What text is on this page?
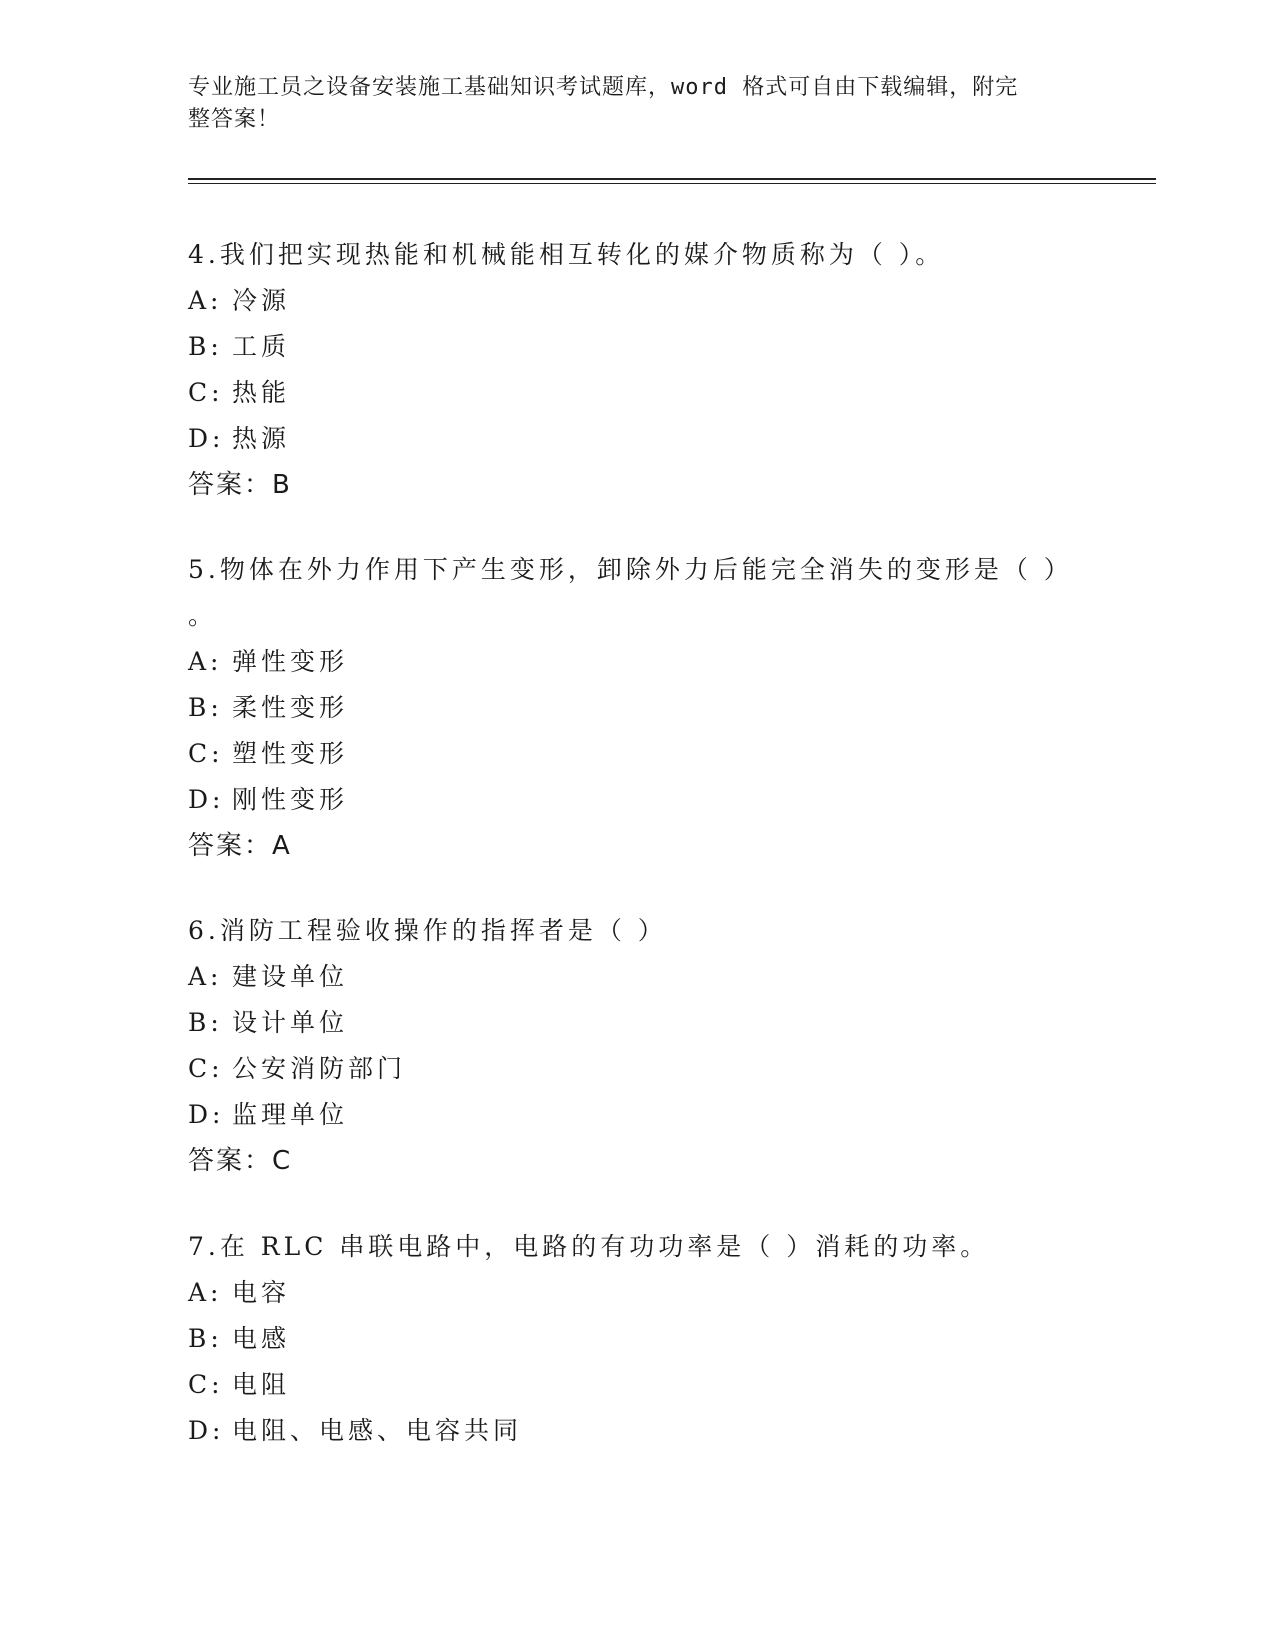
专业施工员之设备安装施工基础知识考试题库，word 格式可自由下载编辑，附完
整答案！

4.我们把实现热能和机械能相互转化的媒介物质称为（ ）。

A: 冷源

B: 工质

C: 热能

D: 热源

答案：B

5.物体在外力作用下产生变形，卸除外力后能完全消失的变形是（ ）

。

A: 弹性变形

B: 柔性变形

C: 塑性变形

D: 刚性变形

答案：A

6.消防工程验收操作的指挥者是（ ）

A: 建设单位

B: 设计单位

C: 公安消防部门

D: 监理单位

答案：C

7.在 RLC 串联电路中，电路的有功功率是（ ）消耗的功率。

A: 电容

B: 电感

C: 电阻

D: 电阻、电感、电容共同
